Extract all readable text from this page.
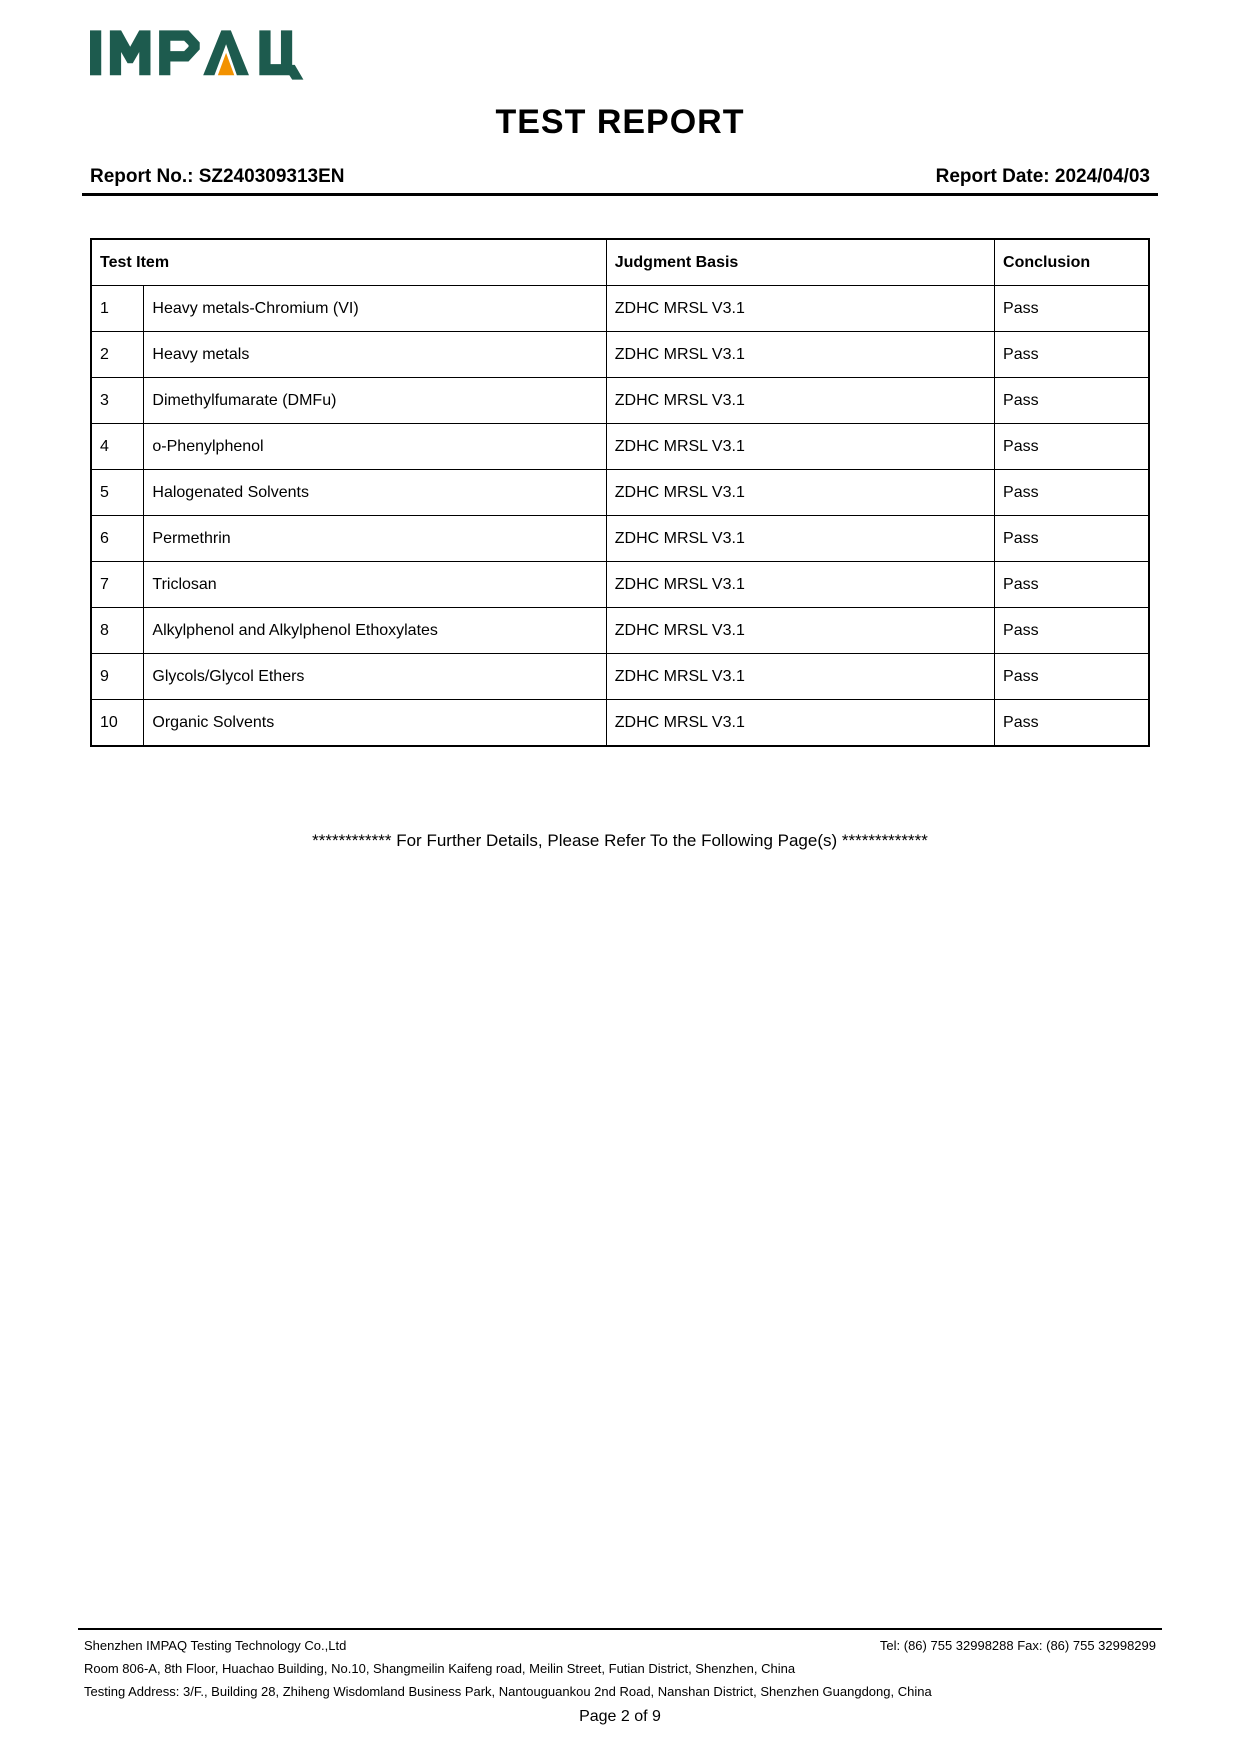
TEST REPORT
Report No.: SZ240309313EN	Report Date: 2024/04/03
Test Item		Judgment Basis	Conclusion
1	Heavy metals-Chromium (VI)	ZDHC MRSL V3.1	Pass
2	Heavy metals	ZDHC MRSL V3.1	Pass
3	Dimethylfumarate (DMFu)	ZDHC MRSL V3.1	Pass
4	o-Phenylphenol	ZDHC MRSL V3.1	Pass
5	Halogenated Solvents	ZDHC MRSL V3.1	Pass
6	Permethrin	ZDHC MRSL V3.1	Pass
7	Triclosan	ZDHC MRSL V3.1	Pass
8	Alkylphenol and Alkylphenol Ethoxylates	ZDHC MRSL V3.1	Pass
9	Glycols/Glycol Ethers	ZDHC MRSL V3.1	Pass
10	Organic Solvents	ZDHC MRSL V3.1	Pass

************ For Further Details, Please Refer To the Following Page(s) *************

Shenzhen IMPAQ Testing Technology Co.,Ltd	Tel: (86) 755 32998288 Fax: (86) 755 32998299
Room 806-A, 8th Floor, Huachao Building, No.10, Shangmeilin Kaifeng road, Meilin Street, Futian District, Shenzhen, China
Testing Address: 3/F., Building 28, Zhiheng Wisdomland Business Park, Nantouguankou 2nd Road, Nanshan District, Shenzhen Guangdong, China
Page 2 of 9
